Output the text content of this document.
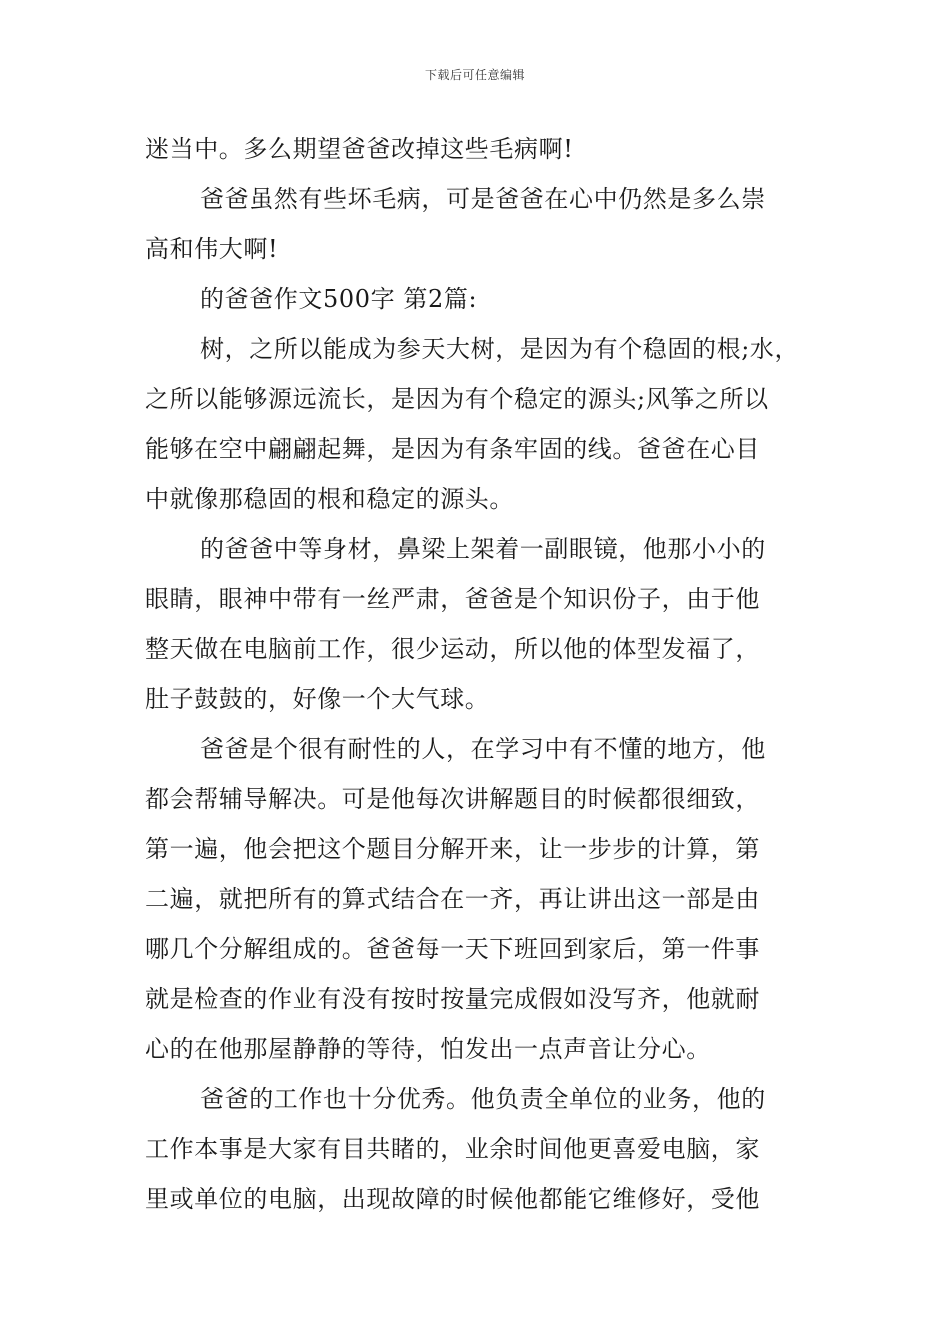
下载后可任意编辑
迷当中。多么期望爸爸改掉这些毛病啊!
爸爸虽然有些坏毛病，可是爸爸在心中仍然是多么崇
高和伟大啊!
的爸爸作文500字 第2篇:
树，之所以能成为参天大树，是因为有个稳固的根;水，
之所以能够源远流长，是因为有个稳定的源头;风筝之所以
能够在空中翩翩起舞，是因为有条牢固的线。爸爸在心目
中就像那稳固的根和稳定的源头。
的爸爸中等身材，鼻梁上架着一副眼镜，他那小小的
眼睛，眼神中带有一丝严肃，爸爸是个知识份子，由于他
整天做在电脑前工作，很少运动，所以他的体型发福了，
肚子鼓鼓的，好像一个大气球。
爸爸是个很有耐性的人，在学习中有不懂的地方，他
都会帮辅导解决。可是他每次讲解题目的时候都很细致，
第一遍，他会把这个题目分解开来，让一步步的计算，第
二遍，就把所有的算式结合在一齐，再让讲出这一部是由
哪几个分解组成的。爸爸每一天下班回到家后，第一件事
就是检查的作业有没有按时按量完成假如没写齐，他就耐
心的在他那屋静静的等待，怕发出一点声音让分心。
爸爸的工作也十分优秀。他负责全单位的业务，他的
工作本事是大家有目共睹的，业余时间他更喜爱电脑，家
里或单位的电脑，出现故障的时候他都能它维修好，受他
